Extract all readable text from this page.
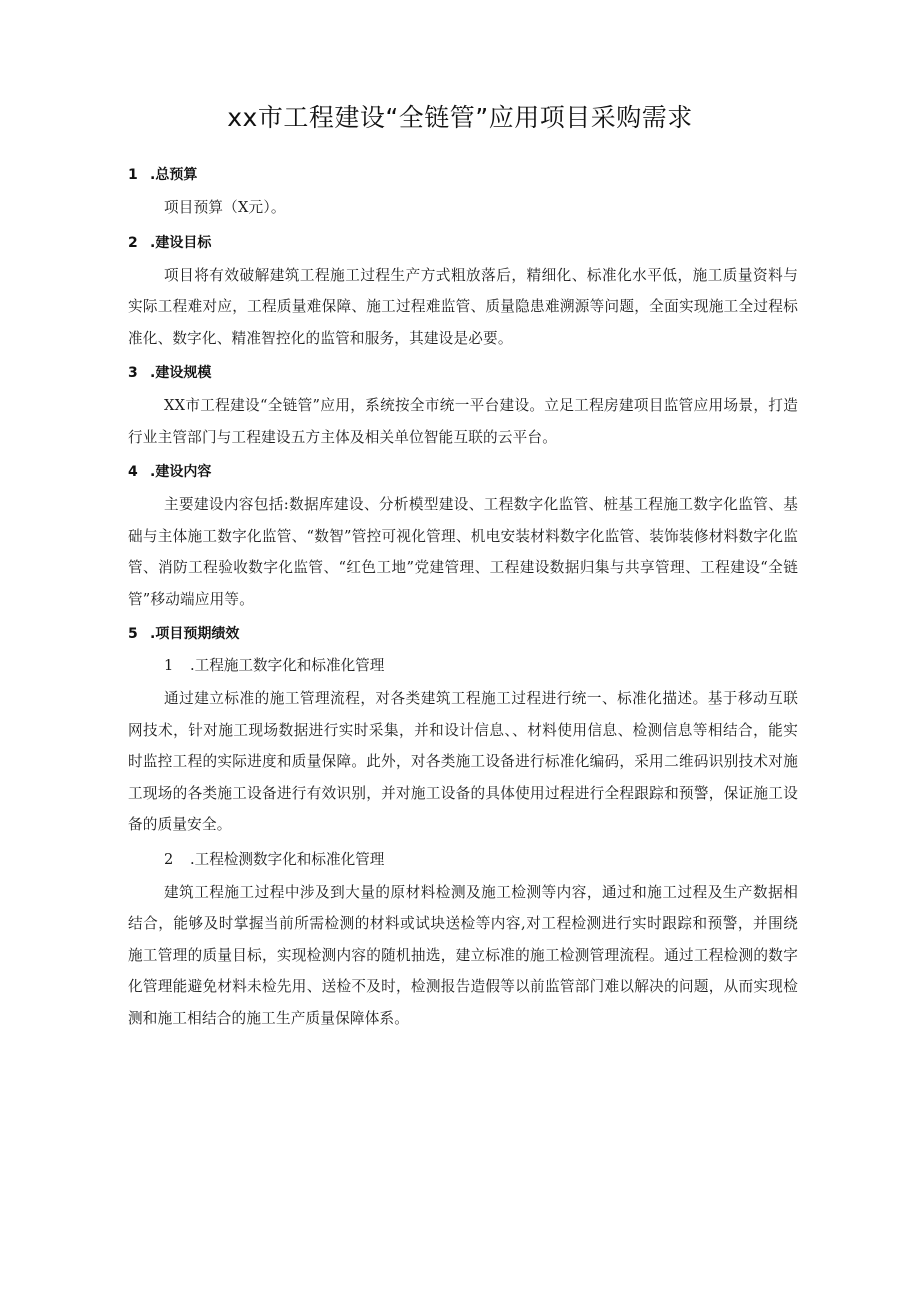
xx市工程建设“全链管”应用项目采购需求
1 .总预算

项目预算（X元）。

2 .建设目标

项目将有效破解建筑工程施工过程生产方式粗放落后，精细化、标准化水平低，施工质量资料与实际工程难对应，工程质量难保障、施工过程难监管、质量隐患难溯源等问题，全面实现施工全过程标准化、数字化、精准智控化的监管和服务，其建设是必要。

3 .建设规模

XX市工程建设“全链管”应用，系统按全市统一平台建设。立足工程房建项目监管应用场景，打造行业主管部门与工程建设五方主体及相关单位智能互联的云平台。

4 .建设内容

主要建设内容包括:数据库建设、分析模型建设、工程数字化监管、桩基工程施工数字化监管、基础与主体施工数字化监管、“数智”管控可视化管理、机电安装材料数字化监管、装饰装修材料数字化监管、消防工程验收数字化监管、“红色工地”党建管理、工程建设数据归集与共享管理、工程建设“全链管”移动端应用等。

5 .项目预期绩效
1 .工程施工数字化和标准化管理

通过建立标准的施工管理流程，对各类建筑工程施工过程进行统一、标准化描述。基于移动互联网技术，针对施工现场数据进行实时采集，并和设计信息、、材料使用信息、检测信息等相结合，能实时监控工程的实际进度和质量保障。此外，对各类施工设备进行标准化编码，采用二维码识别技术对施工现场的各类施工设备进行有效识别，并对施工设备的具体使用过程进行全程跟踪和预警，保证施工设备的质量安全。

2 .工程检测数字化和标准化管理

建筑工程施工过程中涉及到大量的原材料检测及施工检测等内容，通过和施工过程及生产数据相结合，能够及时掌握当前所需检测的材料或试块送检等内容,对工程检测进行实时跟踪和预警，并围绕施工管理的质量目标，实现检测内容的随机抽选，建立标准的施工检测管理流程。通过工程检测的数字化管理能避免材料未检先用、送检不及时，检测报告造假等以前监管部门难以解决的问题，从而实现检测和施工相结合的施工生产质量保障体系。
